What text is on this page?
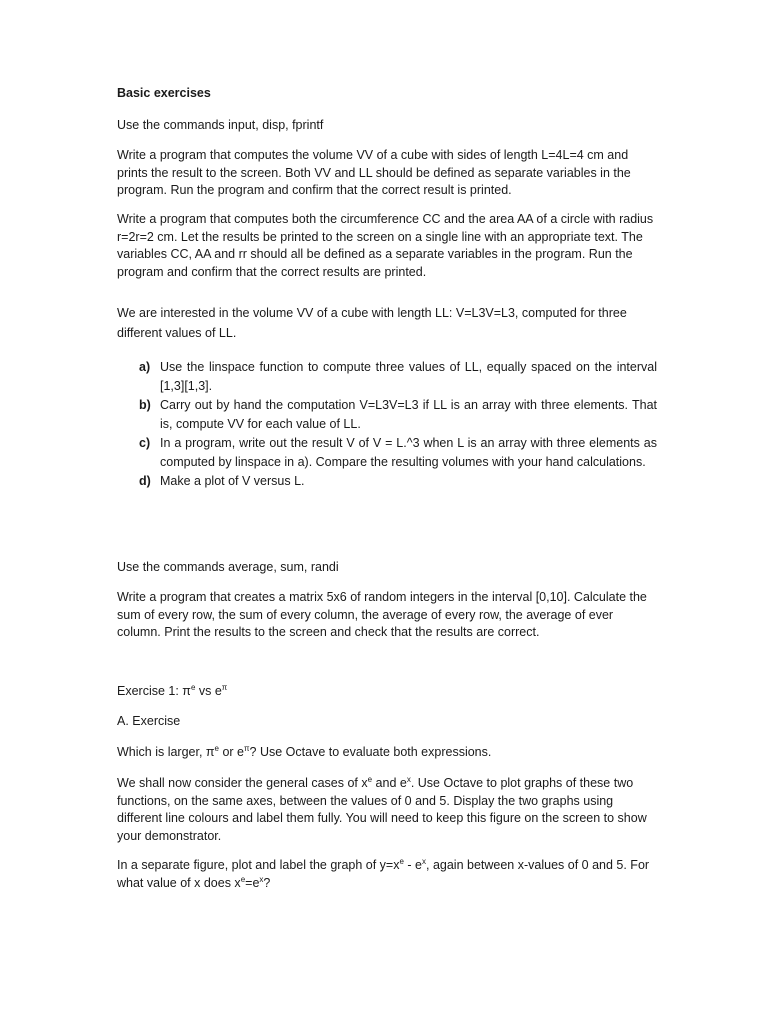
Basic exercises

Use the commands input, disp, fprintf

Write a program that computes the volume VV of a cube with sides of length L=4L=4 cm and prints the result to the screen. Both VV and LL should be defined as separate variables in the program. Run the program and confirm that the correct result is printed.

Write a program that computes both the circumference CC and the area AA of a circle with radius r=2r=2 cm. Let the results be printed to the screen on a single line with an appropriate text. The variables CC, AA and rr should all be defined as a separate variables in the program. Run the program and confirm that the correct results are printed.

We are interested in the volume VV of a cube with length LL: V=L3V=L3, computed for three different values of LL.

a) Use the linspace function to compute three values of LL, equally spaced on the interval [1,3][1,3].
b) Carry out by hand the computation V=L3V=L3 if LL is an array with three elements. That is, compute VV for each value of LL.
c) In a program, write out the result V of V = L.^3 when L is an array with three elements as computed by linspace in a). Compare the resulting volumes with your hand calculations.
d) Make a plot of V versus L.

Use the commands average, sum, randi

Write a program that creates a matrix 5x6 of random integers in the interval [0,10]. Calculate the sum of every row, the sum of every column, the average of every row, the average of ever column. Print the results to the screen and check that the results are correct.

Exercise 1: $\pi^e$ vs $e^\pi$

A. Exercise

Which is larger, $\pi^e$ or $e^\pi$? Use Octave to evaluate both expressions.

We shall now consider the general cases of $x^e$ and $e^x$. Use Octave to plot graphs of these two functions, on the same axes, between the values of 0 and 5. Display the two graphs using different line colours and label them fully. You will need to keep this figure on the screen to show your demonstrator.

In a separate figure, plot and label the graph of $y=x^e - e^x$, again between x-values of 0 and 5. For what value of x does $x^e=e^x$?
